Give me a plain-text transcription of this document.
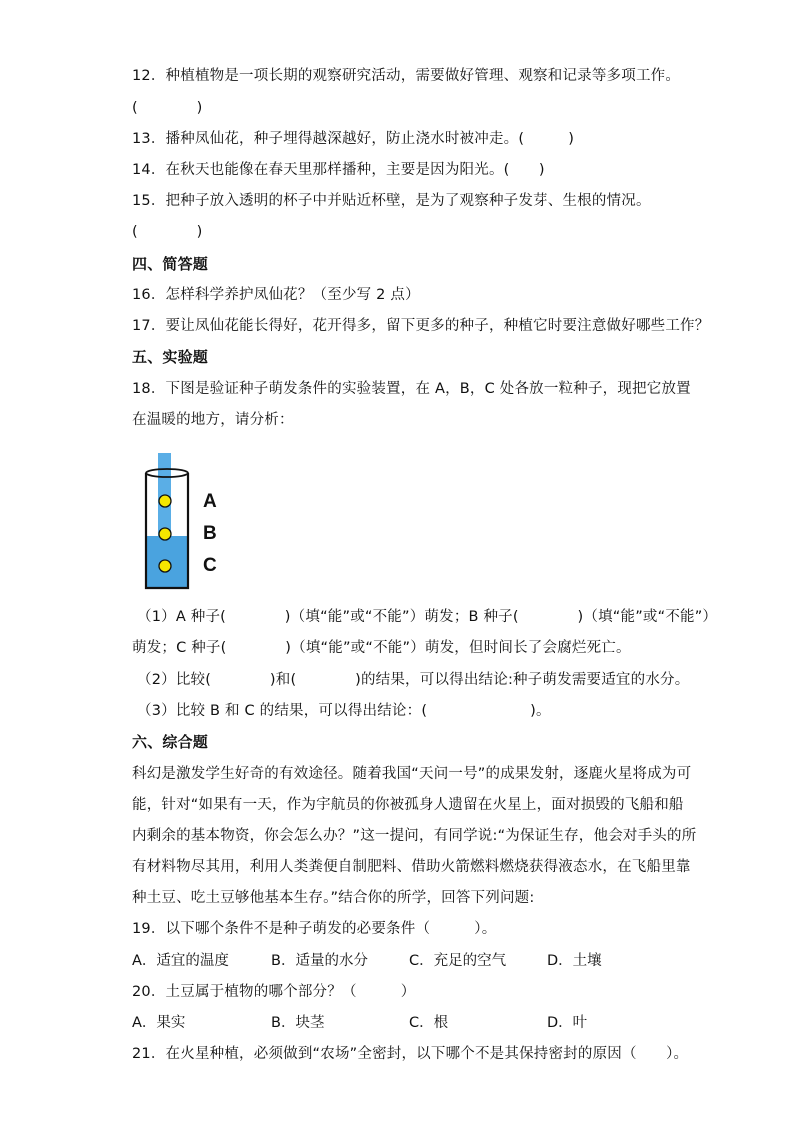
12．种植植物是一项长期的观察研究活动，需要做好管理、观察和记录等多项工作。
(　　　　)
13．播种凤仙花，种子埋得越深越好，防止浇水时被冲走。(　　　)
14．在秋天也能像在春天里那样播种，主要是因为阳光。(　　)
15．把种子放入透明的杯子中并贴近杯壁，是为了观察种子发芽、生根的情况。
(　　　　)
四、简答题
16．怎样科学养护凤仙花？（至少写 2 点）
17．要让凤仙花能长得好，花开得多，留下更多的种子，种植它时要注意做好哪些工作？
五、实验题
18．下图是验证种子萌发条件的实验装置，在 A，B，C 处各放一粒种子，现把它放置
在温暖的地方，请分析：
A
B
C
（1）A 种子(　　　　)（填“能”或“不能”）萌发；B 种子(　　　　)（填“能”或“不能”）
萌发；C 种子(　　　　)（填“能”或“不能”）萌发，但时间长了会腐烂死亡。
（2）比较(　　　　)和(　　　　)的结果，可以得出结论:种子萌发需要适宜的水分。
（3）比较 B 和 C 的结果，可以得出结论：(　　　　　　　)。
六、综合题
科幻是激发学生好奇的有效途径。随着我国“天问一号”的成果发射，逐鹿火星将成为可
能，针对“如果有一天，作为宇航员的你被孤身人遗留在火星上，面对损毁的飞船和船
内剩余的基本物资，你会怎么办？”这一提问，有同学说:“为保证生存，他会对手头的所
有材料物尽其用，利用人类粪便自制肥料、借助火箭燃料燃烧获得液态水，在飞船里靠
种土豆、吃土豆够他基本生存。”结合你的所学，回答下列问题:
19．以下哪个条件不是种子萌发的必要条件（　　　）。
A．适宜的温度	B．适量的水分	C．充足的空气	D．土壤
20．土豆属于植物的哪个部分？（　　　）
A．果实	B．块茎	C．根	D．叶
21．在火星种植，必须做到“农场”全密封，以下哪个不是其保持密封的原因（　　）。
